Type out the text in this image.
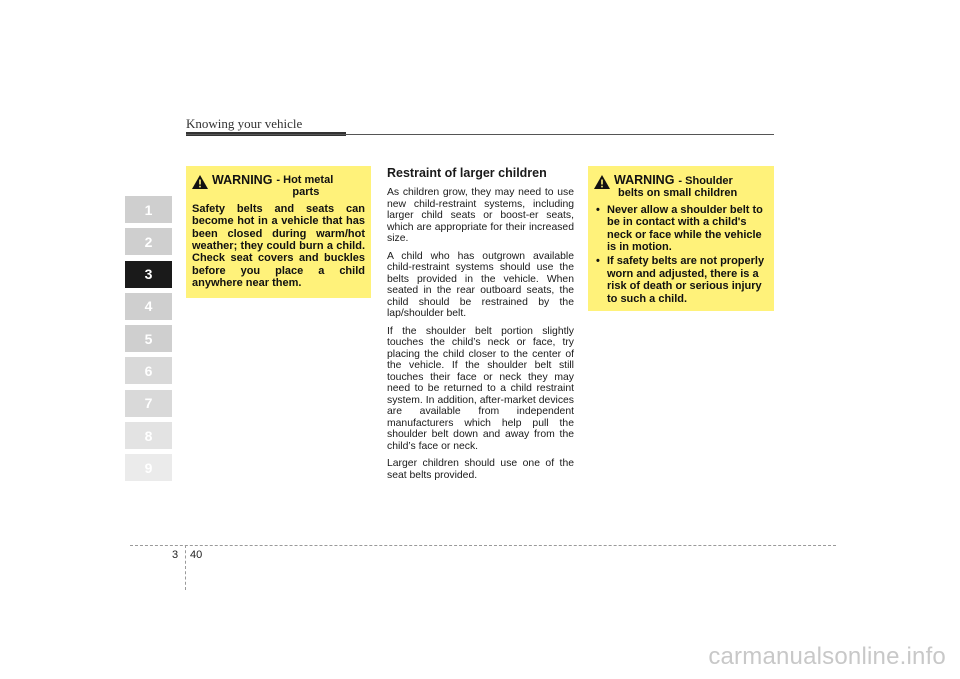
Knowing your vehicle
1
2
3
4
5
6
7
8
9
WARNING - Hot metal
parts
Safety belts and seats can become hot in a vehicle that has been closed during warm/hot weather; they could burn a child. Check seat covers and buckles before you place a child anywhere near them.
Restraint of larger children

As children grow, they may need to use new child-restraint systems, including larger child seats or boost-er seats, which are appropriate for their increased size.

A child who has outgrown available child-restraint systems should use the belts provided in the vehicle. When seated in the rear outboard seats, the child should be restrained by the lap/shoulder belt.

If the shoulder belt portion slightly touches the child’s neck or face, try placing the child closer to the center of the vehicle. If the shoulder belt still touches their face or neck they may need to be returned to a child restraint system. In addition, after-market devices are available from independent manufacturers which help pull the shoulder belt down and away from the child’s face or neck.

Larger children should use one of the seat belts provided.

WARNING - Shoulder
belts on small children
• Never allow a shoulder belt to be in contact with a child's neck or face while the vehicle is in motion.
• If safety belts are not properly worn and adjusted, there is a risk of death or serious injury to such a child.
3 40
carmanualsonline.info
